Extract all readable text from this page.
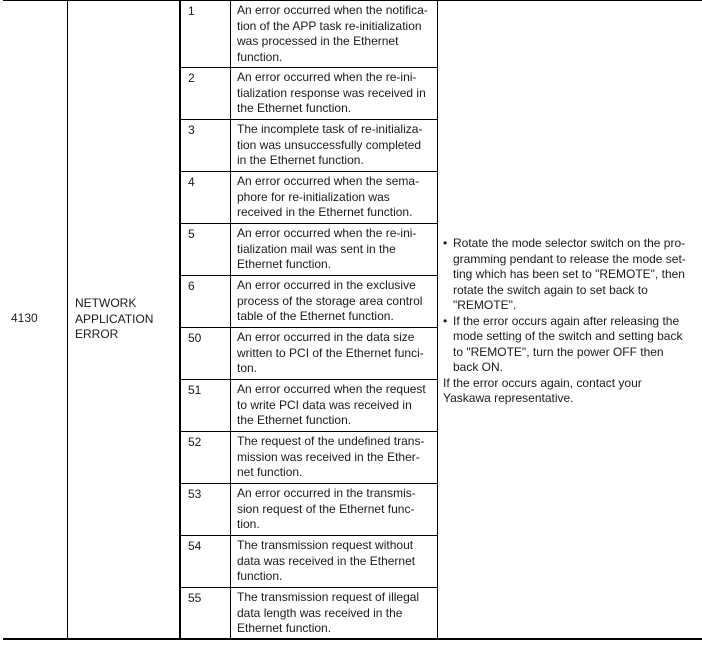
4130
NETWORK
APPLICATION
ERROR
1	An error occurred when the notifica-
tion of the APP task re-initialization
was processed in the Ethernet
function.
2	An error occurred when the re-ini-
tialization response was received in
the Ethernet function.
3	The incomplete task of re-initializa-
tion was unsuccessfully completed
in the Ethernet function.
4	An error occurred when the sema-
phore for re-initialization was
received in the Ethernet function.
5	An error occurred when the re-ini-
tialization mail was sent in the
Ethernet function.
6	An error occurred in the exclusive
process of the storage area control
table of the Ethernet function.
50	An error occurred in the data size
written to PCI of the Ethernet funci-
ton.
51	An error occurred when the request
to write PCI data was received in
the Ethernet function.
52	The request of the undefined trans-
mission was received in the Ether-
net function.
53	An error occurred in the transmis-
sion request of the Ethernet func-
tion.
54	The transmission request without
data was received in the Ethernet
function.
55	The transmission request of illegal
data length was received in the
Ethernet function.
• Rotate the mode selector switch on the pro-
gramming pendant to release the mode set-
ting which has been set to "REMOTE", then
rotate the switch again to set back to
"REMOTE".
• If the error occurs again after releasing the
mode setting of the switch and setting back
to "REMOTE", turn the power OFF then
back ON.
If the error occurs again, contact your
Yaskawa representative.
